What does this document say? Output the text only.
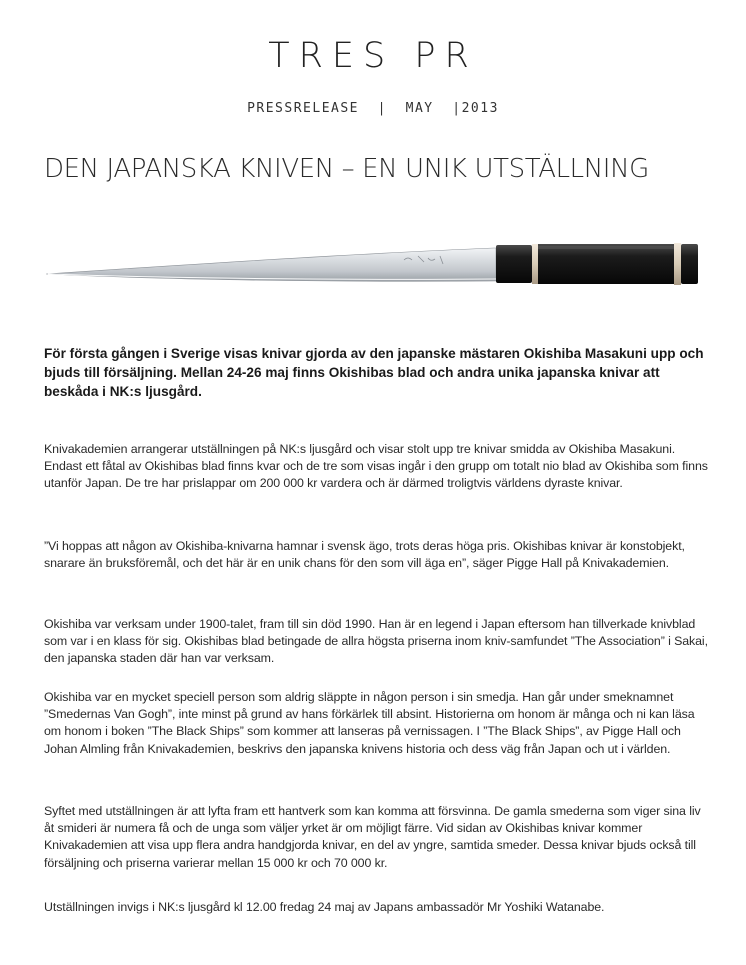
TRES PR
PRESSRELEASE  |  MAY  |2013
DEN JAPANSKA KNIVEN – EN UNIK UTSTÄLLNING
För första gången i Sverige visas knivar gjorda av den japanske mästaren Okishiba Masakuni upp och bjuds till försäljning. Mellan 24-26 maj finns Okishibas blad och andra unika japanska knivar att beskåda i NK:s ljusgård.
Knivakademien arrangerar utställningen på NK:s ljusgård och visar stolt upp tre knivar smidda av Okishiba Masakuni. Endast ett fåtal av Okishibas blad finns kvar och de tre som visas ingår i den grupp om totalt nio blad av Okishiba som finns utanför Japan. De tre har prislappar om 200 000 kr vardera och är därmed troligtvis världens dyraste knivar.
”Vi hoppas att någon av Okishiba-knivarna hamnar i svensk ägo, trots deras höga pris. Okishibas knivar är konstobjekt, snarare än bruksföremål, och det här är en unik chans för den som vill äga en”, säger Pigge Hall på Knivakademien.
Okishiba var verksam under 1900-talet, fram till sin död 1990. Han är en legend i Japan eftersom han tillverkade knivblad som var i en klass för sig. Okishibas blad betingade de allra högsta priserna inom kniv-samfundet ”The Association” i Sakai, den japanska staden där han var verksam.
Okishiba var en mycket speciell person som aldrig släppte in någon person i sin smedja. Han går under smeknamnet ”Smedernas Van Gogh”, inte minst på grund av hans förkärlek till absint. Historierna om honom är många och ni kan läsa om honom i boken ”The Black Ships” som kommer att lanseras på vernissagen. I ”The Black Ships”, av Pigge Hall och Johan Almling från Knivakademien, beskrivs den japanska knivens historia och dess väg från Japan och ut i världen.
Syftet med utställningen är att lyfta fram ett hantverk som kan komma att försvinna. De gamla smederna som viger sina liv åt smideri är numera få och de unga som väljer yrket är om möjligt färre. Vid sidan av Okishibas knivar kommer Knivakademien att visa upp flera andra handgjorda knivar, en del av yngre, samtida smeder. Dessa knivar bjuds också till försäljning och priserna varierar mellan 15 000 kr och 70 000 kr.
Utställningen invigs i NK:s ljusgård kl 12.00 fredag 24 maj av Japans ambassadör Mr Yoshiki Watanabe.
